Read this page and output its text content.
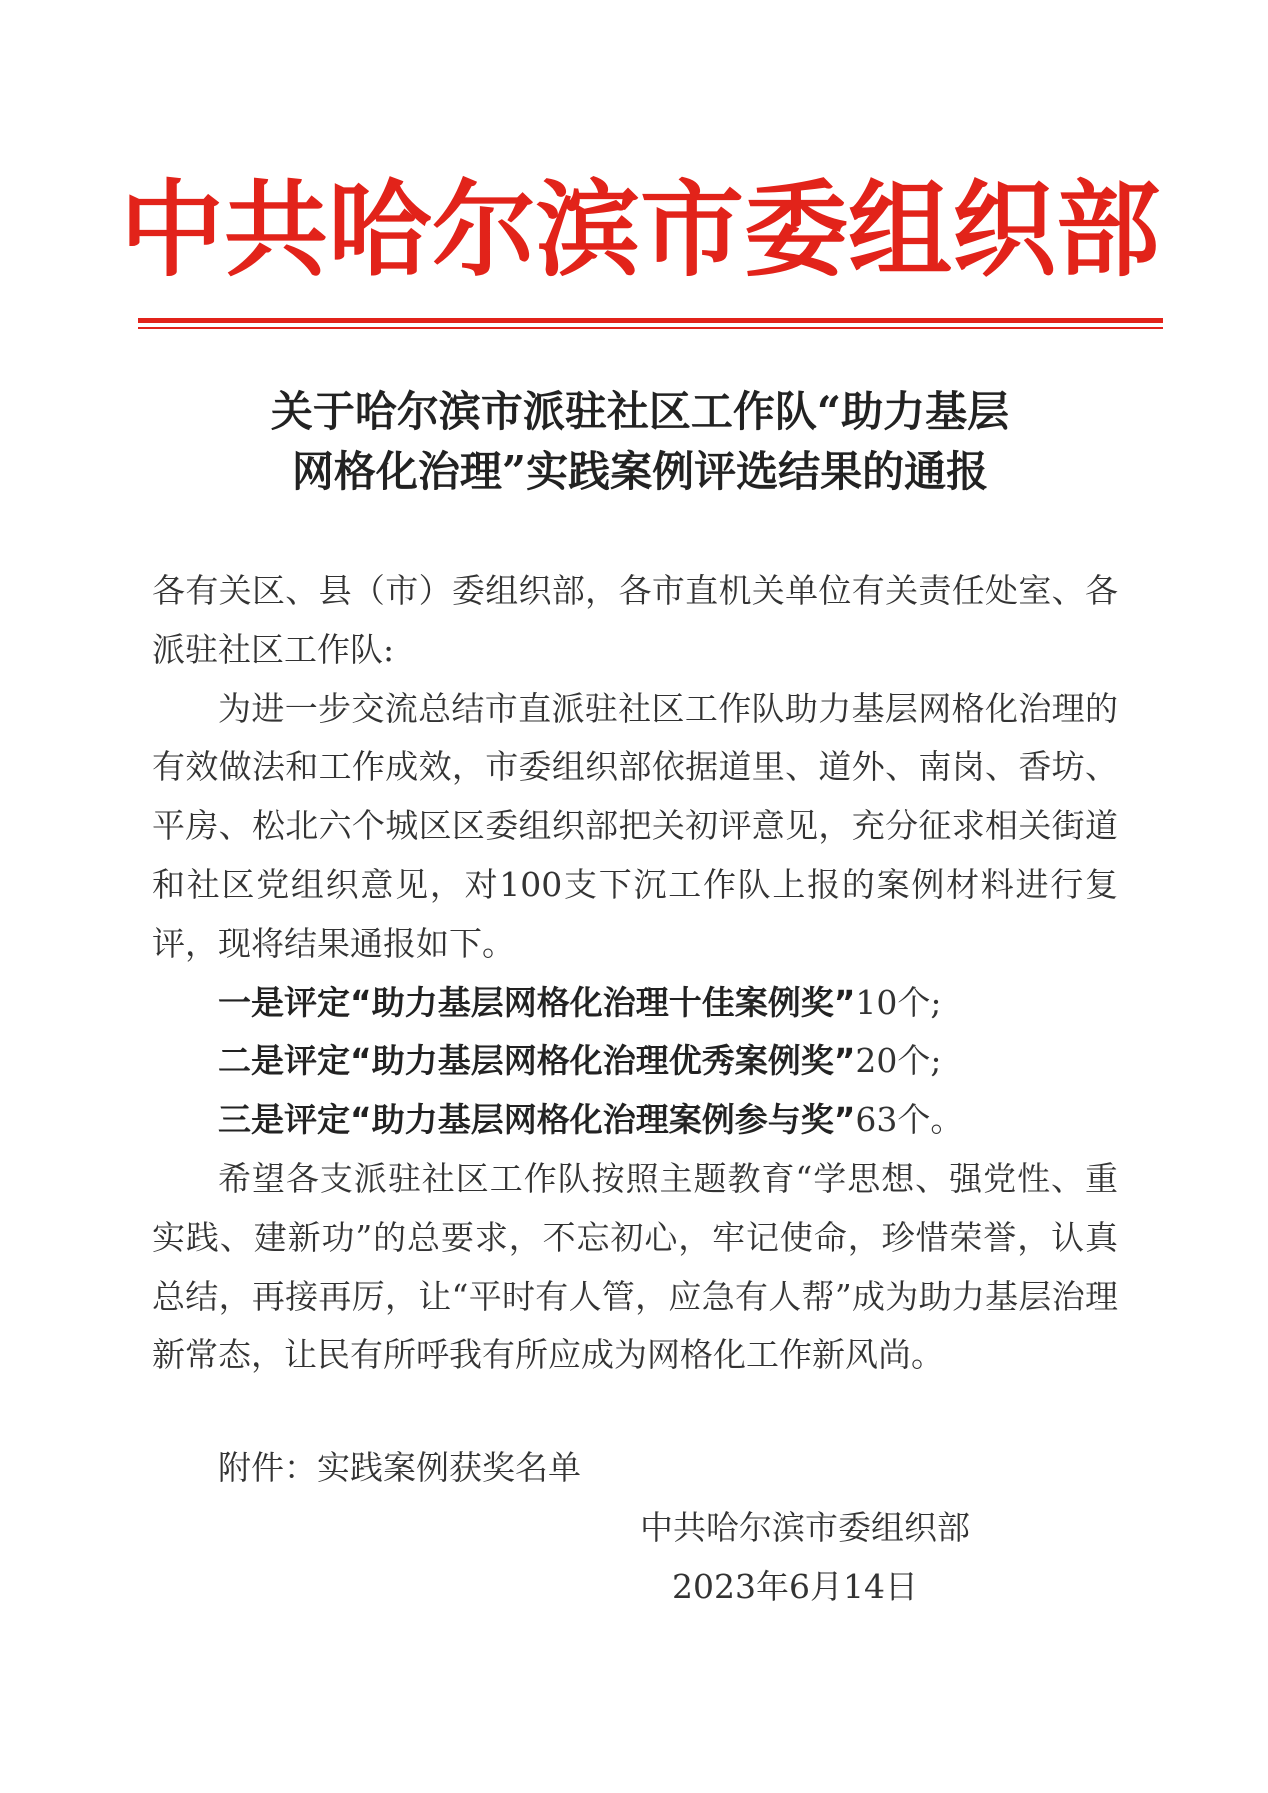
中共哈尔滨市委组织部
关于哈尔滨市派驻社区工作队“助力基层
网格化治理”实践案例评选结果的通报

各有关区、县（市）委组织部，各市直机关单位有关责任处室、各派驻社区工作队:

为进一步交流总结市直派驻社区工作队助力基层网格化治理的有效做法和工作成效，市委组织部依据道里、道外、南岗、香坊、平房、松北六个城区区委组织部把关初评意见，充分征求相关街道和社区党组织意见，对100支下沉工作队上报的案例材料进行复评，现将结果通报如下。

一是评定“助力基层网格化治理十佳案例奖”10个;

二是评定“助力基层网格化治理优秀案例奖”20个;

三是评定“助力基层网格化治理案例参与奖”63个。

希望各支派驻社区工作队按照主题教育“学思想、强党性、重实践、建新功”的总要求，不忘初心，牢记使命，珍惜荣誉，认真总结，再接再厉，让“平时有人管，应急有人帮”成为助力基层治理新常态，让民有所呼我有所应成为网格化工作新风尚。

附件：实践案例获奖名单
中共哈尔滨市委组织部
2023年6月14日
